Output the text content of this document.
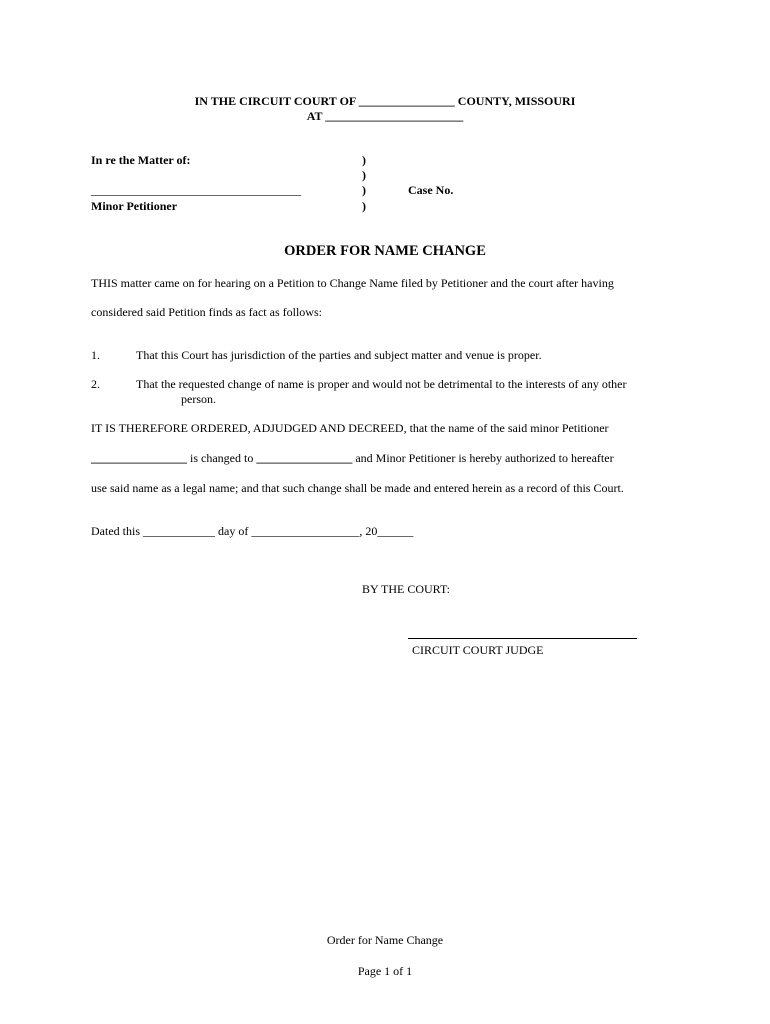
IN THE CIRCUIT COURT OF ________________ COUNTY, MISSOURI
AT _______________________
In re the Matter of:
___________________________________
Minor Petitioner
)
)
)
)
Case No.
ORDER FOR NAME CHANGE
THIS matter came on for hearing on a Petition to Change Name filed by Petitioner and the court after having
considered said Petition finds as fact as follows:
1.	That this Court has jurisdiction of the parties and subject matter and venue is proper.
2.	That the requested change of name is proper and would not be detrimental to the interests of any other
person.
IT IS THEREFORE ORDERED, ADJUDGED AND DECREED, that the name of the said minor Petitioner
________________ is changed to ________________ and Minor Petitioner is hereby authorized to hereafter
use said name as a legal name; and that such change shall be made and entered herein as a record of this Court.
Dated this ____________ day of __________________, 20______
BY THE COURT:
CIRCUIT COURT JUDGE
Order for Name Change
Page 1 of 1
